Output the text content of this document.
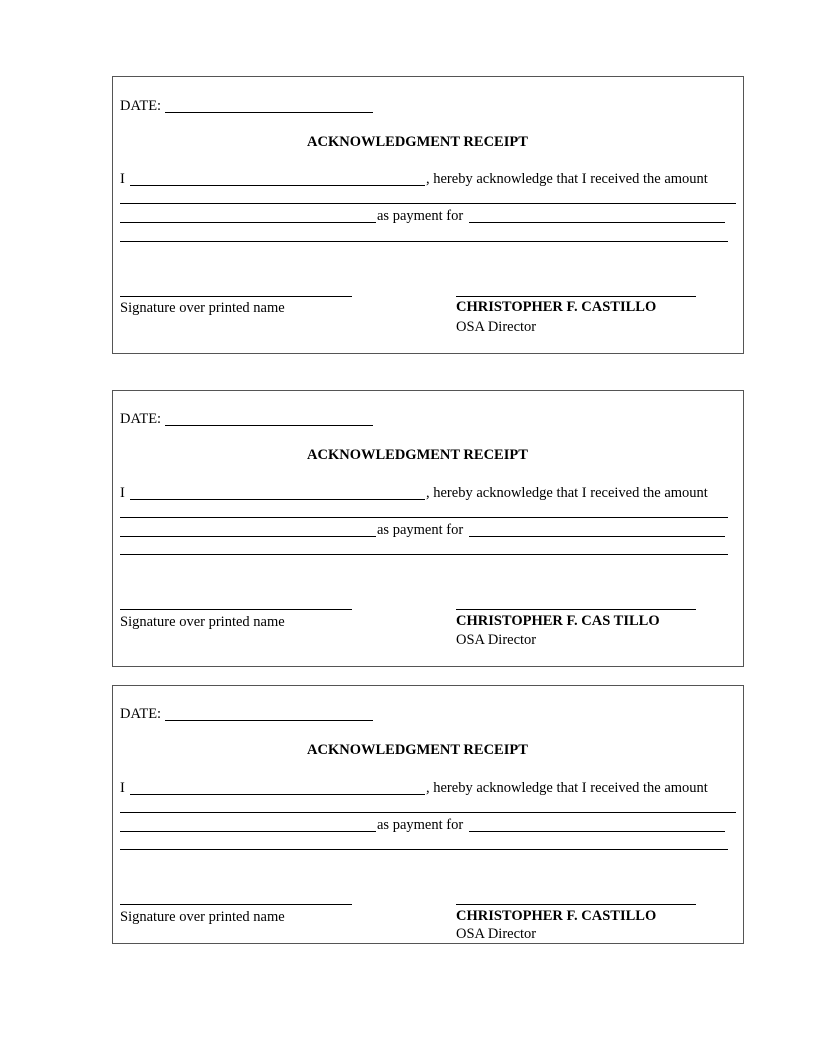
DATE:
ACKNOWLEDGMENT RECEIPT
I	, hereby acknowledge that I received the amount
as payment for
Signature over printed name	CHRISTOPHER F. CASTILLO
OSA Director
DATE:
ACKNOWLEDGMENT RECEIPT
I	, hereby acknowledge that I received the amount
as payment for
Signature over printed name	CHRISTOPHER F. CAS TILLO
OSA Director
DATE:
ACKNOWLEDGMENT RECEIPT
I	, hereby acknowledge that I received the amount
as payment for
Signature over printed name	CHRISTOPHER F. CASTILLO
OSA Director
